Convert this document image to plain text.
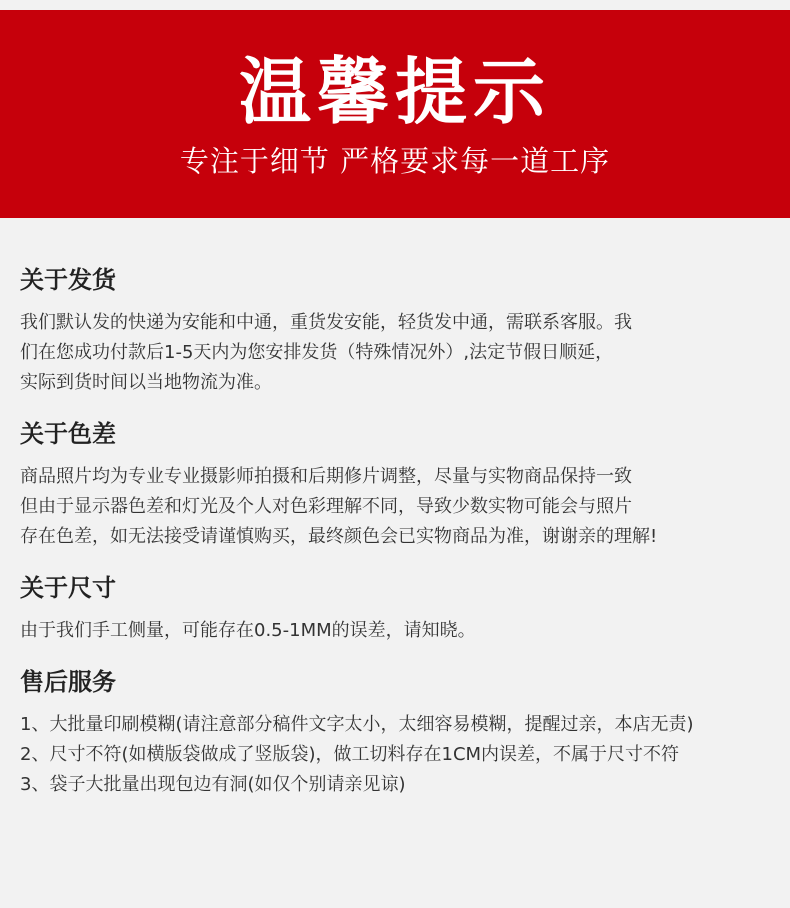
温馨提示
专注于细节 严格要求每一道工序
关于发货

我们默认发的快递为安能和中通，重货发安能，轻货发中通，需联系客服。我

们在您成功付款后1-5天内为您安排发货（特殊情况外）,法定节假日顺延，

实际到货时间以当地物流为准。

关于色差

商品照片均为专业专业摄影师拍摄和后期修片调整，尽量与实物商品保持一致

但由于显示器色差和灯光及个人对色彩理解不同，导致少数实物可能会与照片

存在色差，如无法接受请谨慎购买，最终颜色会已实物商品为准，谢谢亲的理解!

关于尺寸

由于我们手工侧量，可能存在0.5-1MM的误差，请知晓。

售后服务

1、大批量印刷模糊(请注意部分稿件文字太小，太细容易模糊，提醒过亲，本店无责)

2、尺寸不符(如横版袋做成了竖版袋)，做工切料存在1CM内误差，不属于尺寸不符

3、袋子大批量出现包边有洞(如仅个别请亲见谅)
